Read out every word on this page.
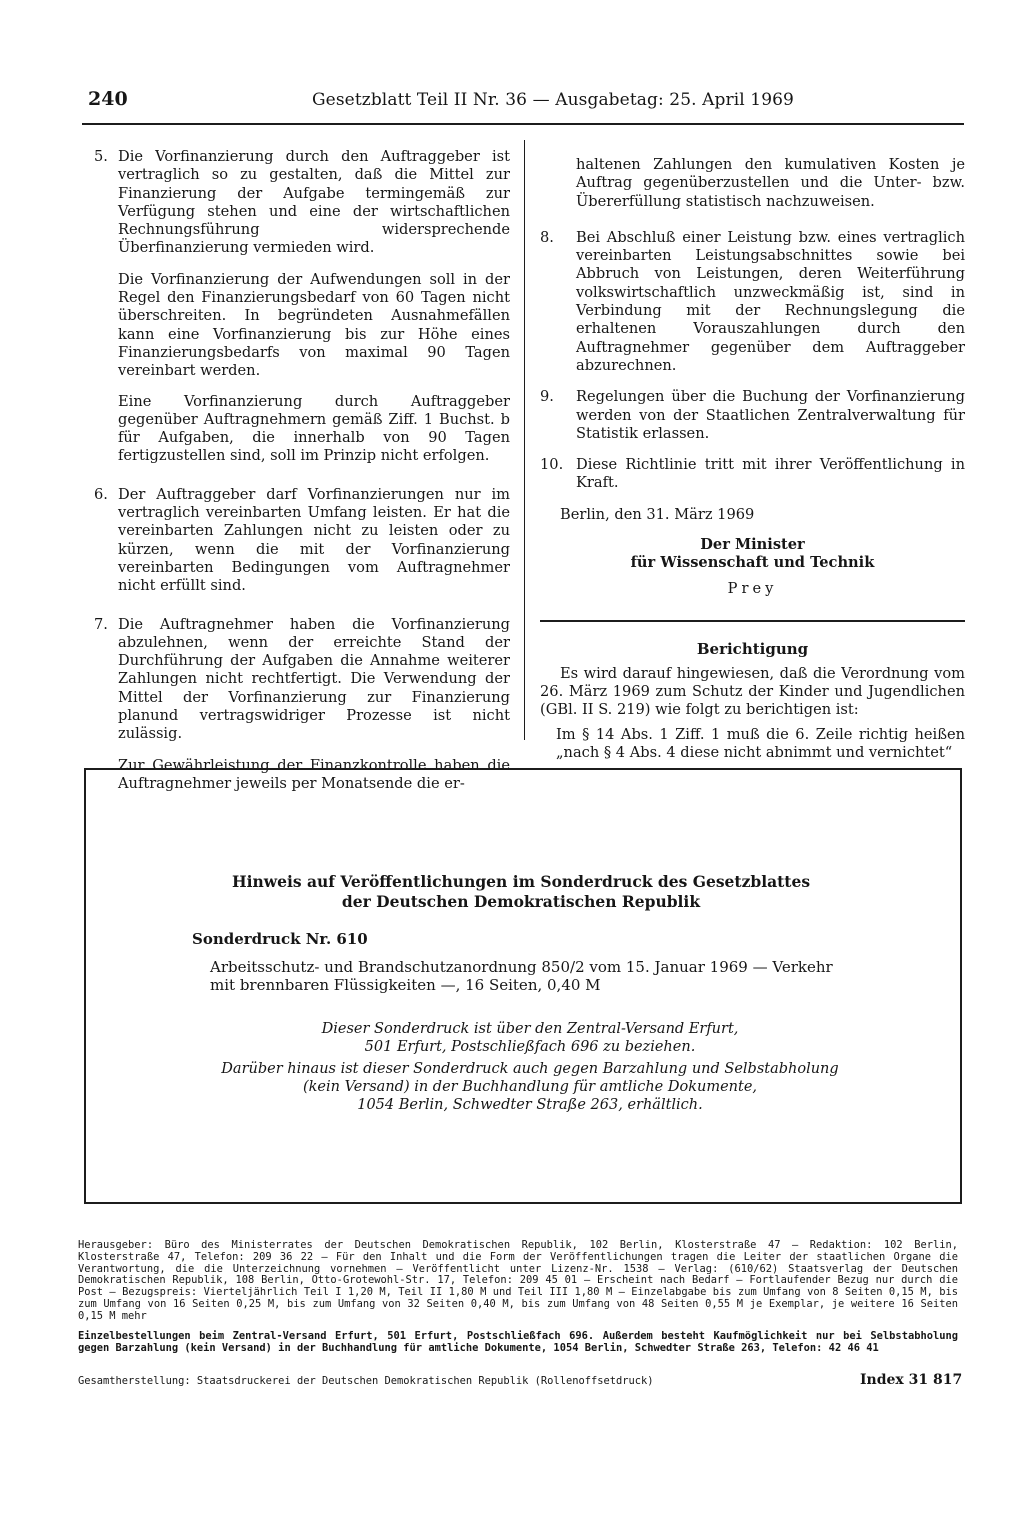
240	Gesetzblatt Teil II Nr. 36 — Ausgabetag: 25. April 1969
5. Die Vorfinanzierung durch den Auftraggeber ist vertraglich so zu gestalten, daß die Mittel zur Finanzierung der Aufgabe termingemäß zur Verfügung stehen und eine der wirtschaftlichen Rechnungsführung widersprechende Überfinanzierung vermieden wird.

Die Vorfinanzierung der Aufwendungen soll in der Regel den Finanzierungsbedarf von 60 Tagen nicht überschreiten. In begründeten Ausnahmefällen kann eine Vorfinanzierung bis zur Höhe eines Finanzierungsbedarfs von maximal 90 Tagen vereinbart werden.

Eine Vorfinanzierung durch Auftraggeber gegenüber Auftragnehmern gemäß Ziff. 1 Buchst. b für Aufgaben, die innerhalb von 90 Tagen fertigzustellen sind, soll im Prinzip nicht erfolgen.

6. Der Auftraggeber darf Vorfinanzierungen nur im vertraglich vereinbarten Umfang leisten. Er hat die vereinbarten Zahlungen nicht zu leisten oder zu kürzen, wenn die mit der Vorfinanzierung vereinbarten Bedingungen vom Auftragnehmer nicht erfüllt sind.

7. Die Auftragnehmer haben die Vorfinanzierung abzulehnen, wenn der erreichte Stand der Durchführung der Aufgaben die Annahme weiterer Zahlungen nicht rechtfertigt. Die Verwendung der Mittel der Vorfinanzierung zur Finanzierung planund vertragswidriger Prozesse ist nicht zulässig.

Zur Gewährleistung der Finanzkontrolle haben die Auftragnehmer jeweils per Monatsende die er-

haltenen Zahlungen den kumulativen Kosten je Auftrag gegenüberzustellen und die Unter- bzw. Übererfüllung statistisch nachzuweisen.

8. Bei Abschluß einer Leistung bzw. eines vertraglich vereinbarten Leistungsabschnittes sowie bei Abbruch von Leistungen, deren Weiterführung volkswirtschaftlich unzweckmäßig ist, sind in Verbindung mit der Rechnungslegung die erhaltenen Vorauszahlungen durch den Auftragnehmer gegenüber dem Auftraggeber abzurechnen.

9. Regelungen über die Buchung der Vorfinanzierung werden von der Staatlichen Zentralverwaltung für Statistik erlassen.

10. Diese Richtlinie tritt mit ihrer Veröffentlichung in Kraft.

Berlin, den 31. März 1969

Der Minister

für Wissenschaft und Technik

Prey

Berichtigung

Es wird darauf hingewiesen, daß die Verordnung vom 26. März 1969 zum Schutz der Kinder und Jugendlichen (GBl. II S. 219) wie folgt zu berichtigen ist:

Im § 14 Abs. 1 Ziff. 1 muß die 6. Zeile richtig heißen „nach § 4 Abs. 4 diese nicht abnimmt und vernichtet“

Hinweis auf Veröffentlichungen im Sonderdruck des Gesetzblattes

der Deutschen Demokratischen Republik

Sonderdruck Nr. 610
Arbeitsschutz- und Brandschutzanordnung 850/2 vom 15. Januar 1969 — Verkehr mit brennbaren Flüssigkeiten —, 16 Seiten, 0,40 M

Dieser Sonderdruck ist über den Zentral-Versand Erfurt,

501 Erfurt, Postschließfach 696 zu beziehen.

Darüber hinaus ist dieser Sonderdruck auch gegen Barzahlung und Selbstabholung

(kein Versand) in der Buchhandlung für amtliche Dokumente,

1054 Berlin, Schwedter Straße 263, erhältlich.

Herausgeber: Büro des Ministerrates der Deutschen Demokratischen Republik, 102 Berlin, Klosterstraße 47 — Redaktion: 102 Berlin, Klosterstraße 47, Telefon: 209 36 22 — Für den Inhalt und die Form der Veröffentlichungen tragen die Leiter der staatlichen Organe die Verantwortung, die die Unterzeichnung vornehmen — Veröffentlicht unter Lizenz-Nr. 1538 — Verlag: (610/62) Staatsverlag der Deutschen Demokratischen Republik, 108 Berlin, Otto-Grotewohl-Str. 17, Telefon: 209 45 01 — Erscheint nach Bedarf — Fortlaufender Bezug nur durch die Post — Bezugspreis: Vierteljährlich Teil I 1,20 M, Teil II 1,80 M und Teil III 1,80 M — Einzelabgabe bis zum Umfang von 8 Seiten 0,15 M, bis zum Umfang von 16 Seiten 0,25 M, bis zum Umfang von 32 Seiten 0,40 M, bis zum Umfang von 48 Seiten 0,55 M je Exemplar, je weitere 16 Seiten 0,15 M mehr
Einzelbestellungen beim Zentral-Versand Erfurt, 501 Erfurt, Postschließfach 696. Außerdem besteht Kaufmöglichkeit nur bei Selbstabholung gegen Barzahlung (kein Versand) in der Buchhandlung für amtliche Dokumente, 1054 Berlin, Schwedter Straße 263, Telefon: 42 46 41
Gesamtherstellung: Staatsdruckerei der Deutschen Demokratischen Republik (Rollenoffsetdruck)	Index 31 817
